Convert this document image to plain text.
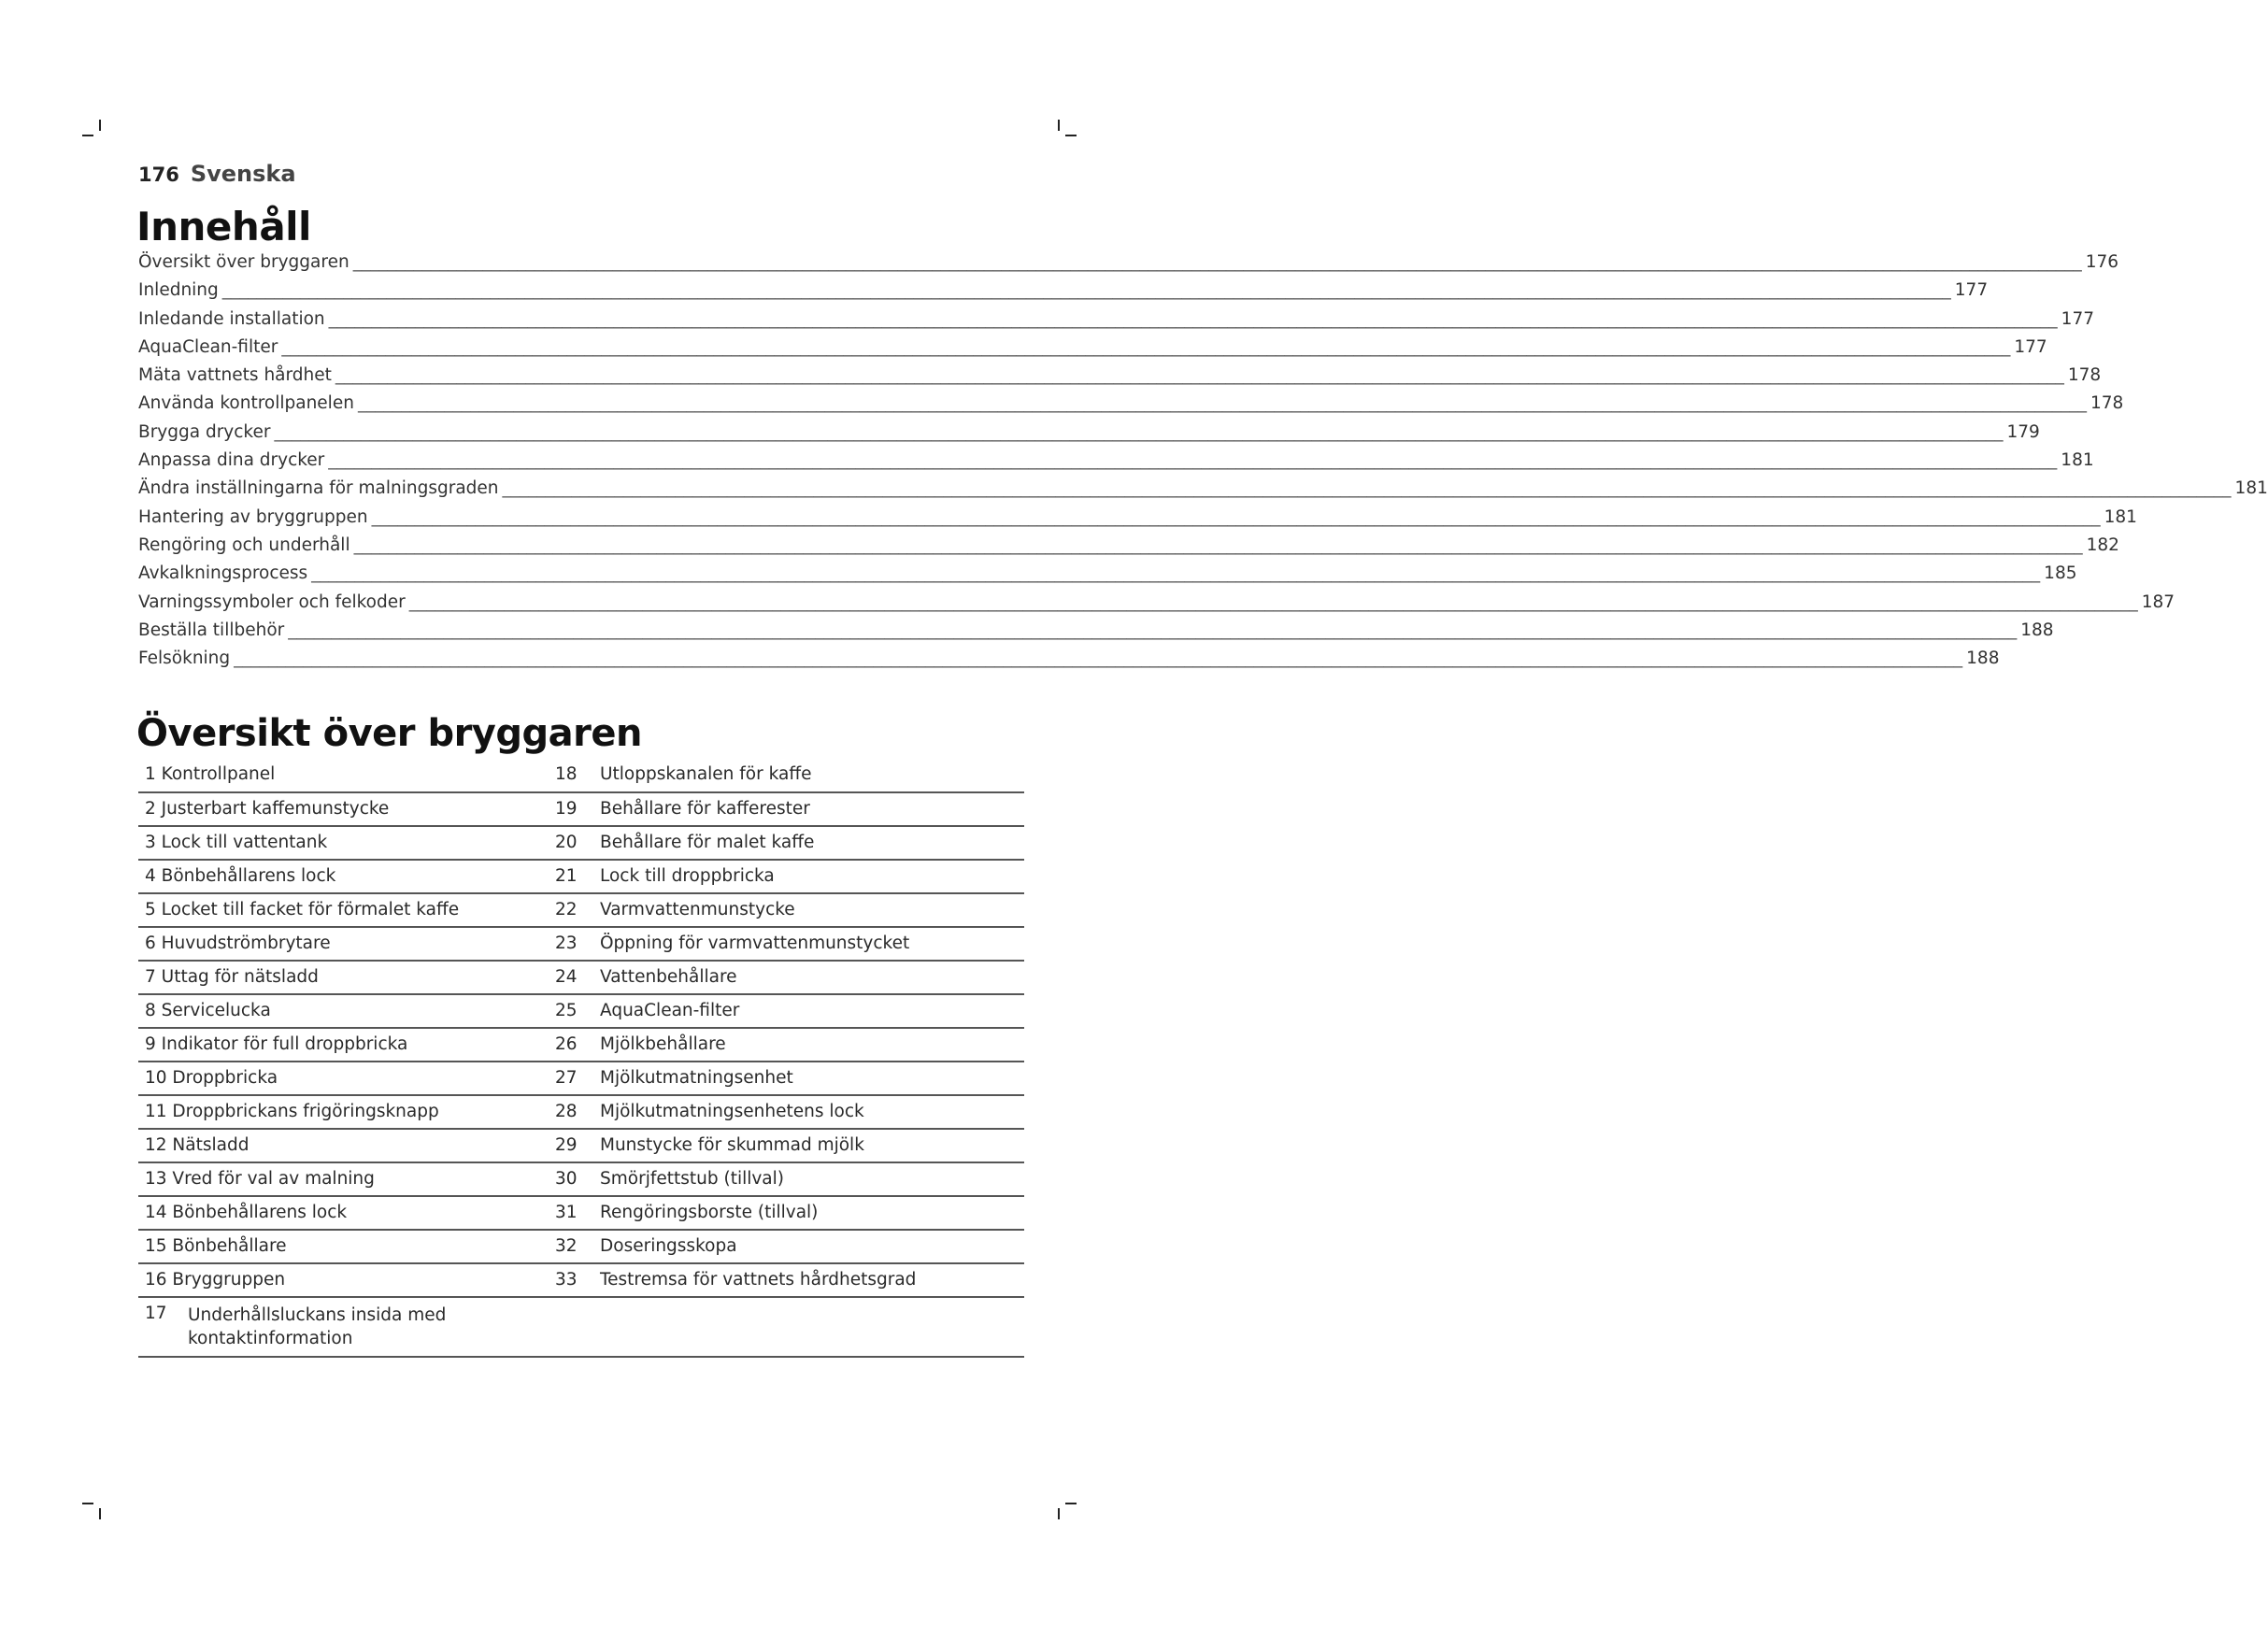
176 Svenska
Innehåll
Översikt över bryggaren ________________________________________________________________________________________________________________________________________________________________________________________________________ 176
Inledning ________________________________________________________________________________________________________________________________________________________________________________________________________ 177
Inledande installation ________________________________________________________________________________________________________________________________________________________________________________________________________ 177
AquaClean-filter ________________________________________________________________________________________________________________________________________________________________________________________________________ 177
Mäta vattnets hårdhet ________________________________________________________________________________________________________________________________________________________________________________________________________ 178
Använda kontrollpanelen ________________________________________________________________________________________________________________________________________________________________________________________________________ 178
Brygga drycker ________________________________________________________________________________________________________________________________________________________________________________________________________ 179
Anpassa dina drycker ________________________________________________________________________________________________________________________________________________________________________________________________________ 181
Ändra inställningarna för malningsgraden ________________________________________________________________________________________________________________________________________________________________________________________________________ 181
Hantering av bryggruppen ________________________________________________________________________________________________________________________________________________________________________________________________________ 181
Rengöring och underhåll ________________________________________________________________________________________________________________________________________________________________________________________________________ 182
Avkalkningsprocess ________________________________________________________________________________________________________________________________________________________________________________________________________ 185
Varningssymboler och felkoder ________________________________________________________________________________________________________________________________________________________________________________________________________ 187
Beställa tillbehör ________________________________________________________________________________________________________________________________________________________________________________________________________ 188
Felsökning ________________________________________________________________________________________________________________________________________________________________________________________________________ 188
Översikt över bryggaren
1 Kontrollpanel	18	Utloppskanalen för kaffe
2 Justerbart kaffemunstycke	19	Behållare för kafferester
3 Lock till vattentank	20	Behållare för malet kaffe
4 Bönbehållarens lock	21	Lock till droppbricka
5 Locket till facket för förmalet kaffe	22	Varmvattenmunstycke
6 Huvudströmbrytare	23	Öppning för varmvattenmunstycket
7 Uttag för nätsladd	24	Vattenbehållare
8 Servicelucka	25	AquaClean-filter
9 Indikator för full droppbricka	26	Mjölkbehållare
10 Droppbricka	27	Mjölkutmatningsenhet
11 Droppbrickans frigöringsknapp	28	Mjölkutmatningsenhetens lock
12 Nätsladd	29	Munstycke för skummad mjölk
13 Vred för val av malning	30	Smörjfettstub (tillval)
14 Bönbehållarens lock	31	Rengöringsborste (tillval)
15 Bönbehållare	32	Doseringsskopa
16 Bryggruppen	33	Testremsa för vattnets hårdhetsgrad
17 Underhållsluckans insida med kontaktinformation		
